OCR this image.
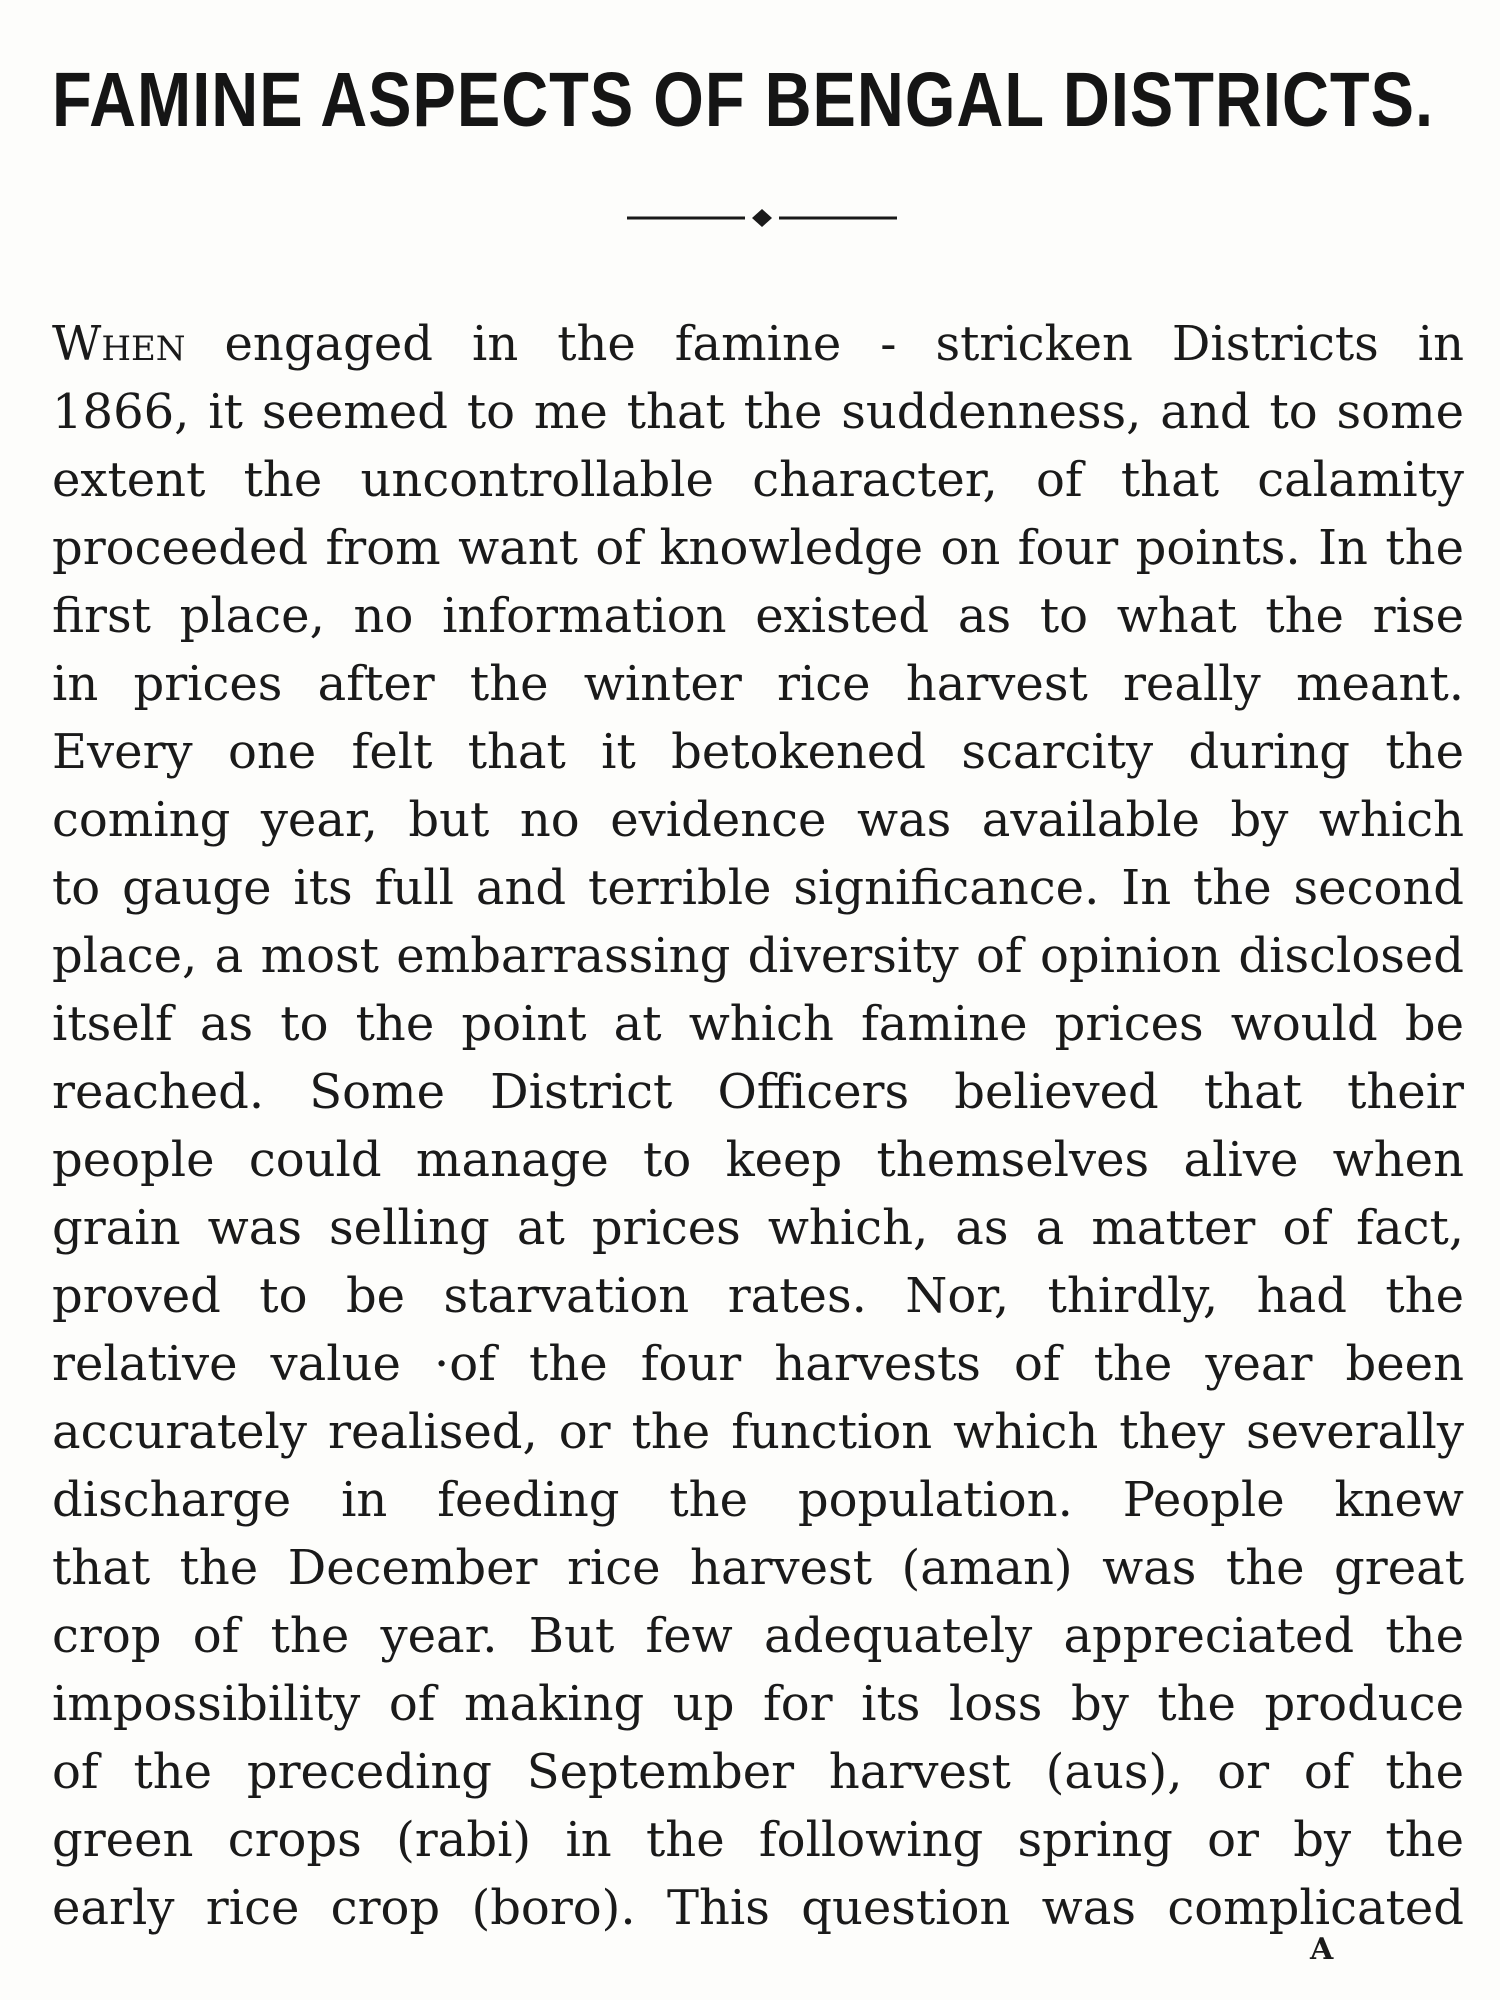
FAMINE ASPECTS OF BENGAL DISTRICTS.
When engaged in the famine - stricken Districts in
1866, it seemed to me that the suddenness, and to some
extent the uncontrollable character, of that calamity
proceeded from want of knowledge on four points. In the
first place, no information existed as to what the rise
in prices after the winter rice harvest really meant.
Every one felt that it betokened scarcity during the
coming year, but no evidence was available by which
to gauge its full and terrible significance. In the second
place, a most embarrassing diversity of opinion disclosed
itself as to the point at which famine prices would be
reached. Some District Officers believed that their
people could manage to keep themselves alive when
grain was selling at prices which, as a matter of fact,
proved to be starvation rates. Nor, thirdly, had the
relative value ·of the four harvests of the year been
accurately realised, or the function which they severally
discharge in feeding the population. People knew
that the December rice harvest (aman) was the great
crop of the year. But few adequately appreciated the
impossibility of making up for its loss by the produce
of the preceding September harvest (aus), or of the
green crops (rabi) in the following spring or by the
early rice crop (boro). This question was complicated
A
